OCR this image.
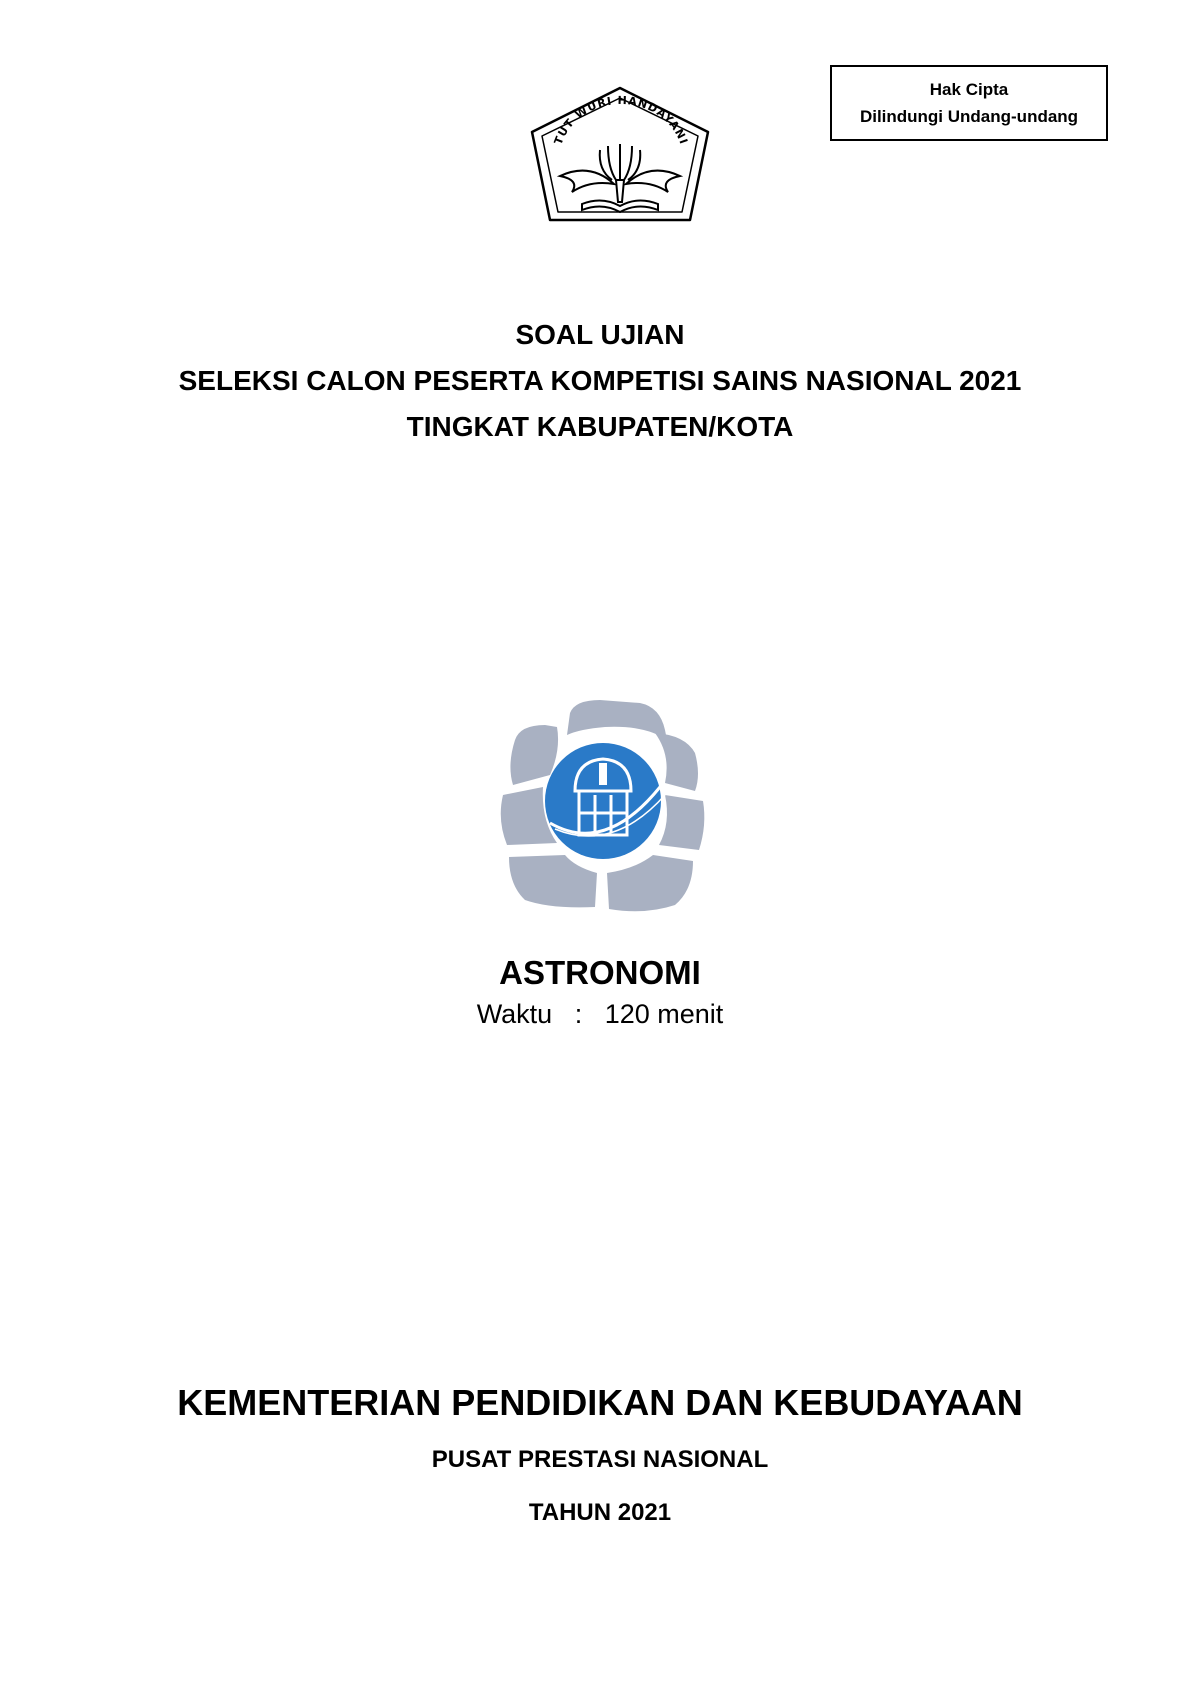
Hak Cipta
Dilindungi Undang-undang
TUT WURI HANDAYANI
SOAL UJIAN
SELEKSI CALON PESERTA KOMPETISI SAINS NASIONAL 2021
TINGKAT KABUPATEN/KOTA
ASTRONOMI
Waktu   :   120 menit
KEMENTERIAN PENDIDIKAN DAN KEBUDAYAAN
PUSAT PRESTASI NASIONAL
TAHUN 2021
